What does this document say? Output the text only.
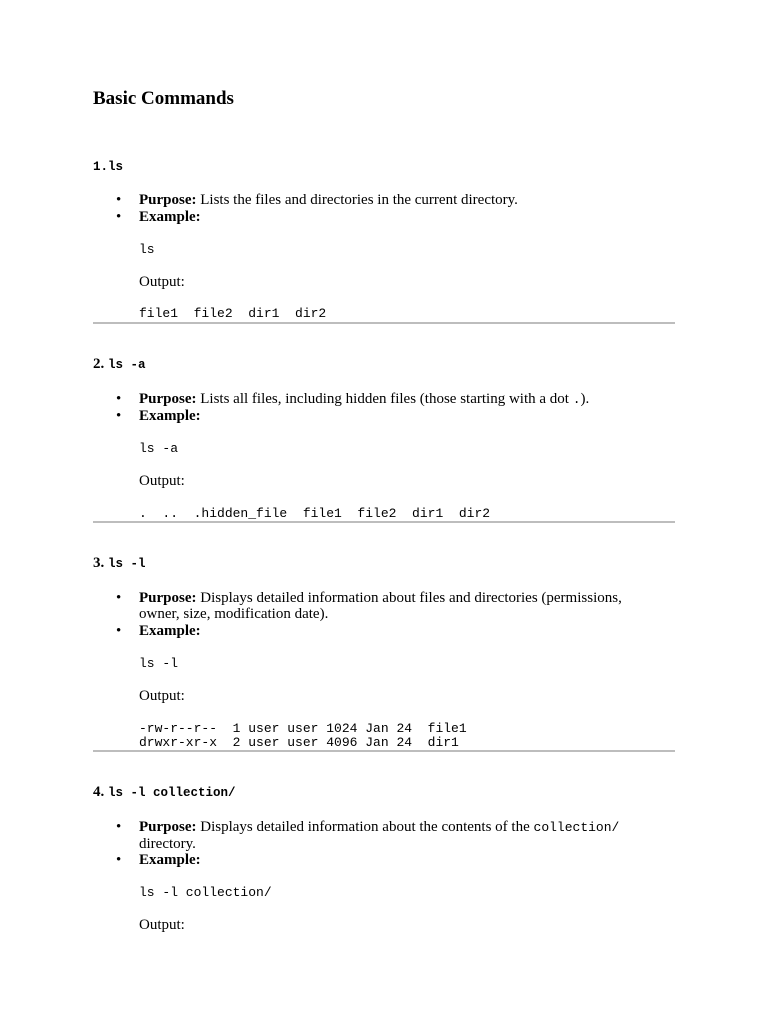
Basic Commands
1.ls
• Purpose: Lists the files and directories in the current directory.
• Example:
ls
Output:
file1  file2  dir1  dir2
2. ls -a
• Purpose: Lists all files, including hidden files (those starting with a dot .).
• Example:
ls -a
Output:
.  ..  .hidden_file  file1  file2  dir1  dir2
3. ls -l
• Purpose: Displays detailed information about files and directories (permissions,
owner, size, modification date).
• Example:
ls -l
Output:
-rw-r--r--  1 user user 1024 Jan 24  file1
drwxr-xr-x  2 user user 4096 Jan 24  dir1
4. ls -l collection/
• Purpose: Displays detailed information about the contents of the collection/
directory.
• Example:
ls -l collection/
Output:
